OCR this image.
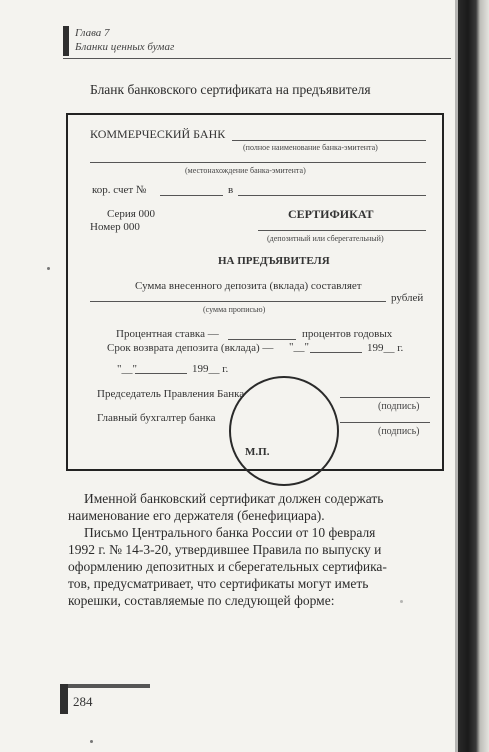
Глава 7
Бланки ценных бумаг
Бланк банковского сертификата на предъявителя
КОММЕРЧЕСКИЙ БАНК
(полное наименование банка-эмитента)
(местонахождение банка-эмитента)
кор. счет №	в
Серия 000
Номер 000
СЕРТИФИКАТ
(депозитный или сберегательный)
НА ПРЕДЪЯВИТЕЛЯ
Сумма внесенного депозита (вклада) составляет
рублей
(сумма прописью)
Процентная ставка —	процентов годовых
Срок возврата депозита (вклада) — "__"	199__ г.
"__"	199__ г.
Председатель Правления Банка
(подпись)
Главный бухгалтер банка
(подпись)
М.П.
Именной банковский сертификат должен содержать
наименование его держателя (бенефициара).
Письмо Центрального банка России от 10 февраля
1992 г. № 14-3-20, утвердившее Правила по выпуску и
оформлению депозитных и сберегательных сертифика-
тов, предусматривает, что сертификаты могут иметь
корешки, составляемые по следующей форме:
284
